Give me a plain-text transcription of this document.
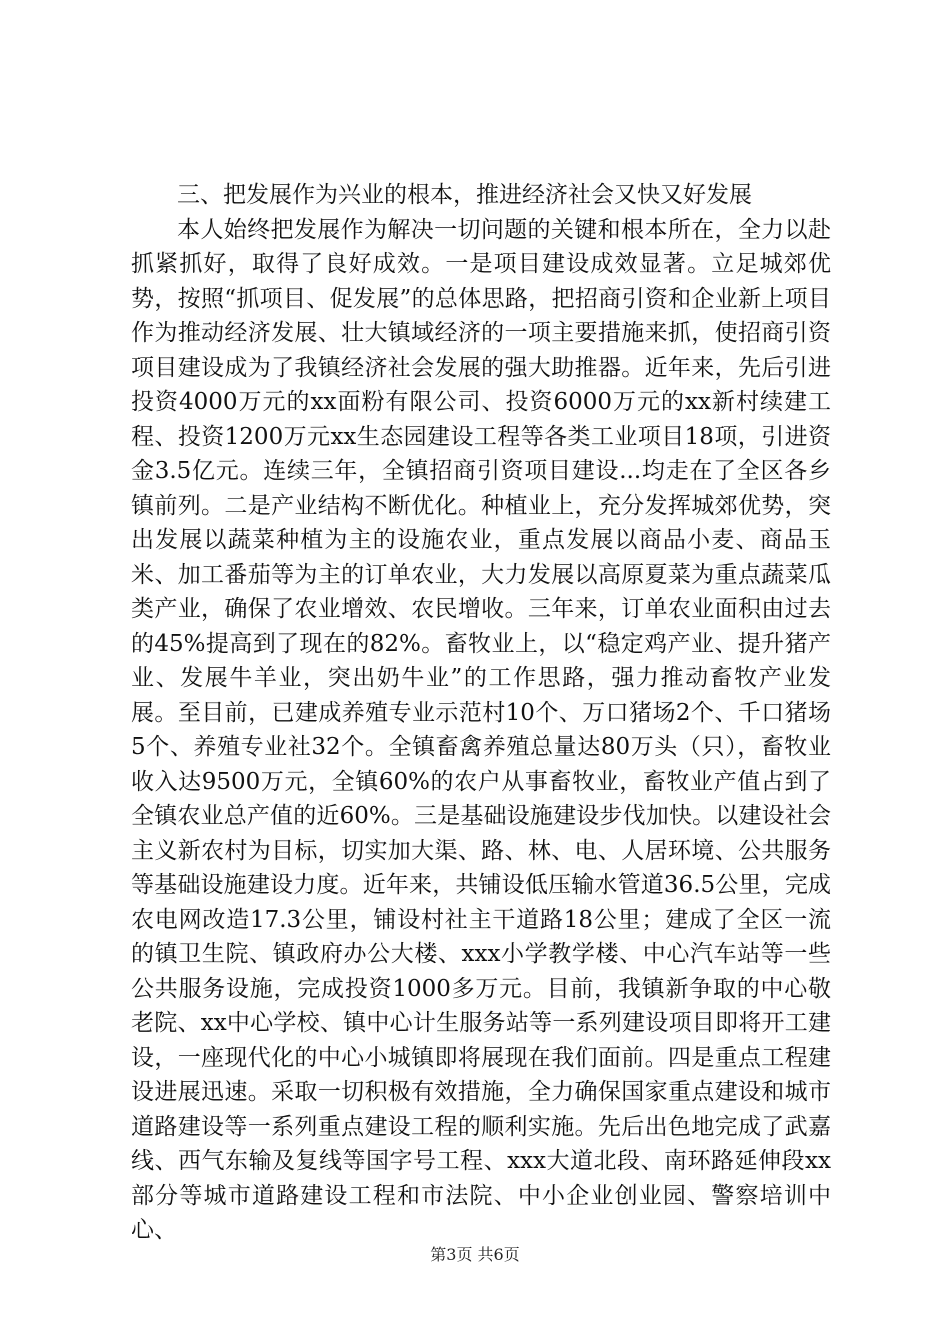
三、把发展作为兴业的根本，推进经济社会又快又好发展

本人始终把发展作为解决一切问题的关键和根本所在，全力以赴抓紧抓好，取得了良好成效。一是项目建设成效显著。立足城郊优势，按照“抓项目、促发展”的总体思路，把招商引资和企业新上项目作为推动经济发展、壮大镇域经济的一项主要措施来抓，使招商引资项目建设成为了我镇经济社会发展的强大助推器。近年来，先后引进投资4000万元的xx面粉有限公司、投资6000万元的xx新村续建工程、投资1200万元xx生态园建设工程等各类工业项目18项，引进资金3.5亿元。连续三年，全镇招商引资项目建设...均走在了全区各乡镇前列。二是产业结构不断优化。种植业上，充分发挥城郊优势，突出发展以蔬菜种植为主的设施农业，重点发展以商品小麦、商品玉米、加工番茄等为主的订单农业，大力发展以高原夏菜为重点蔬菜瓜类产业，确保了农业增效、农民增收。三年来，订单农业面积由过去的45%提高到了现在的82%。畜牧业上，以“稳定鸡产业、提升猪产业、发展牛羊业，突出奶牛业”的工作思路，强力推动畜牧产业发展。至目前，已建成养殖专业示范村10个、万口猪场2个、千口猪场5个、养殖专业社32个。全镇畜禽养殖总量达80万头（只），畜牧业收入达9500万元，全镇60%的农户从事畜牧业，畜牧业产值占到了全镇农业总产值的近60%。三是基础设施建设步伐加快。以建设社会主义新农村为目标，切实加大渠、路、林、电、人居环境、公共服务等基础设施建设力度。近年来，共铺设低压输水管道36.5公里，完成农电网改造17.3公里，铺设村社主干道路18公里；建成了全区一流的镇卫生院、镇政府办公大楼、xxx小学教学楼、中心汽车站等一些公共服务设施，完成投资1000多万元。目前，我镇新争取的中心敬老院、xx中心学校、镇中心计生服务站等一系列建设项目即将开工建设，一座现代化的中心小城镇即将展现在我们面前。四是重点工程建设进展迅速。采取一切积极有效措施，全力确保国家重点建设和城市道路建设等一系列重点建设工程的顺利实施。先后出色地完成了武嘉线、西气东输及复线等国字号工程、xxx大道北段、南环路延伸段xx部分等城市道路建设工程和市法院、中小企业创业园、警察培训中心、

第3页 共6页
